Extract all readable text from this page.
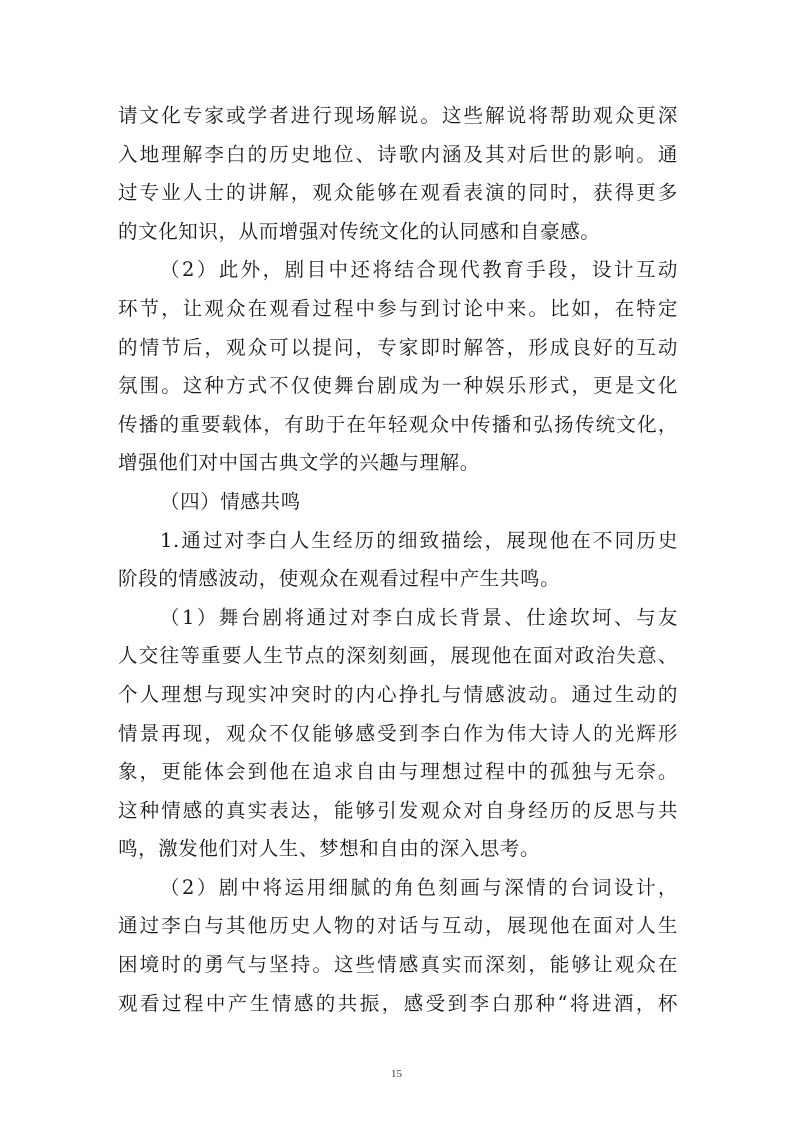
请文化专家或学者进行现场解说。这些解说将帮助观众更深
入地理解李白的历史地位、诗歌内涵及其对后世的影响。通
过专业人士的讲解，观众能够在观看表演的同时，获得更多
的文化知识，从而增强对传统文化的认同感和自豪感。
（2）此外，剧目中还将结合现代教育手段，设计互动
环节，让观众在观看过程中参与到讨论中来。比如，在特定
的情节后，观众可以提问，专家即时解答，形成良好的互动
氛围。这种方式不仅使舞台剧成为一种娱乐形式，更是文化
传播的重要载体，有助于在年轻观众中传播和弘扬传统文化，
增强他们对中国古典文学的兴趣与理解。
（四）情感共鸣
1.通过对李白人生经历的细致描绘，展现他在不同历史
阶段的情感波动，使观众在观看过程中产生共鸣。
（1）舞台剧将通过对李白成长背景、仕途坎坷、与友
人交往等重要人生节点的深刻刻画，展现他在面对政治失意、
个人理想与现实冲突时的内心挣扎与情感波动。通过生动的
情景再现，观众不仅能够感受到李白作为伟大诗人的光辉形
象，更能体会到他在追求自由与理想过程中的孤独与无奈。
这种情感的真实表达，能够引发观众对自身经历的反思与共
鸣，激发他们对人生、梦想和自由的深入思考。
（2）剧中将运用细腻的角色刻画与深情的台词设计，
通过李白与其他历史人物的对话与互动，展现他在面对人生
困境时的勇气与坚持。这些情感真实而深刻，能够让观众在
观看过程中产生情感的共振，感受到李白那种“将进酒，杯
15
